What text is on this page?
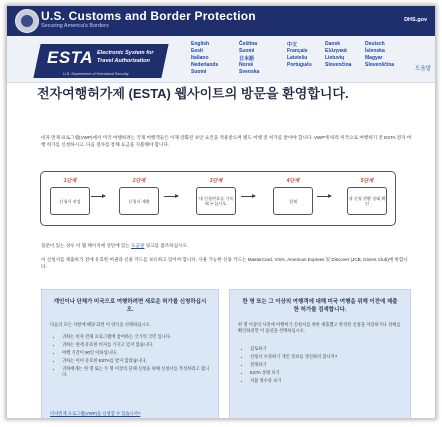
U.S. Customs and Border Protection
Securing America's Borders
DHS.gov
ESTA Electronic System for
Travel Authorization
U.S. Department of Homeland Security
English	Čeština	中文	Dansk	Deutsch
Eesti	Suomi	Français	Ελληνικά	Íslenska
Italiano	日本語	Latviešu	Lietuvių	Magyar
Nederlands	Norsk	Português	Slovenčina	Slovenščina
Suomi	Svenska	도움말
전자여행허가제 (ESTA) 웹사이트의 방문을 환영합니다.
비자 면제 프로그램(VWP)에서 미국 여행하려는 국제 여행객들은 이제 강화된 보안 요건을 적용받으며 별도 여행 전 허가를 받아야 합니다. VWP에 따라 미국으로 여행하기 전 ESTA 전자 여행 허가를 신청하시고, 다음 절차를 통해 요금을 지불해야 합니다.
1단계
신청서 작성
2단계
신청서 제출
3단계
내 신청번호를 기록해 두십시오.
4단계
결제
5단계
내 신청 현황 상태 확인
질문이 있는 경우 이 웹 페이지에 상단에 있는 도움말 링크를 참조하십시오.
이 신청서를 제출하기 전에 유효한 여권과 신용 카드를 보유하고 있어야 합니다. 사용 가능한 신용 카드는 MasterCard, VISA, American Express 및 Discover (JCB, Diners Club)에 한합니다.
개인이나 단체가 미국으로 여행하려면 새로운 허가를 신청하십시오.
다음의 모든 사항에 해당 되면 이 양식을 선택하십시오.
• 귀하는 비자 면제 프로그램에 참여하는 국가의 국민 입니다.
• 귀하는 현재 유효한 비자를 가지고 있지 않습니다.
• 여행 기간이 90일 이하입니다.
• 귀하는 이미 유효한 ESTA를 받지 않았습니다.
• 귀하에게는 한 명 또는 두 명 이상의 단체 신청을 위해 신청서를 작성하려고 합니다.
비자면제 프로그램(VWP)을 신청할 수 있습니까?
한 명 또는 그 이상의 여행객에 대해 미국 여행을 위해 이전에 제출한 허가를 검색합니다.
한 명 이상의 사전에 여행허가 신청서를 위한 제출했고 완성된 신청을 저장하거나 상태를 확인하려면 이 옵션을 선택하십시오.
• 검토하기
• 신청서 수정하기 개인 정보를 갱신하려 합니까?
• 결제하기
• ESTA 상태 보기
• 지불 영수증 보기
